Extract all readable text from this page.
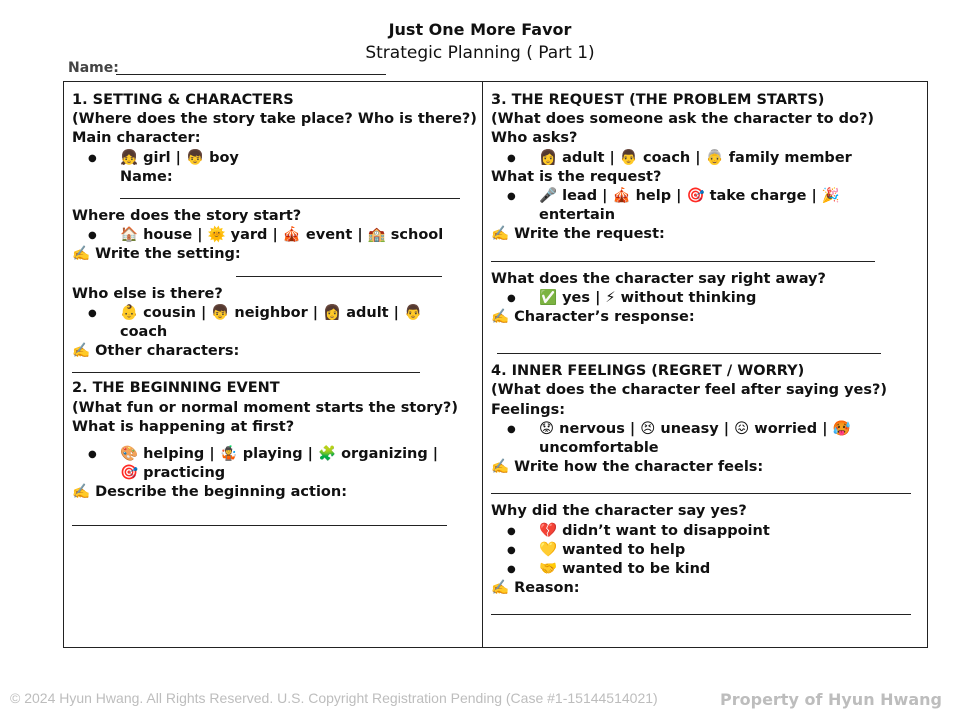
Just One More Favor
Strategic Planning ( Part 1)
Name:
1. SETTING & CHARACTERS
(Where does the story take place? Who is there?)
Main character:
● 👧 girl | 👦 boy
Name:
Where does the story start?
● 🏠 house | 🌞 yard | 🎪 event | 🏫 school
✍️ Write the setting:
Who else is there?
● 👶 cousin | 👦 neighbor | 👩 adult | 👨
coach
✍️ Other characters:
2. THE BEGINNING EVENT
(What fun or normal moment starts the story?)
What is happening at first?
● 🎨 helping | 🤹 playing | 🧩 organizing |
🎯 practicing
✍️ Describe the beginning action:
3. THE REQUEST (THE PROBLEM STARTS)
(What does someone ask the character to do?)
Who asks?
● 👩 adult | 👨 coach | 👵 family member
What is the request?
● 🎤 lead | 🎪 help | 🎯 take charge | 🎉
entertain
✍️ Write the request:
What does the character say right away?
● ✅ yes | ⚡ without thinking
✍️ Character’s response:
4. INNER FEELINGS (REGRET / WORRY)
(What does the character feel after saying yes?)
Feelings:
● 😟 nervous | 😣 uneasy | 😖 worried | 🥵
uncomfortable
✍️ Write how the character feels:
Why did the character say yes?
● 💔 didn’t want to disappoint
● 💛 wanted to help
● 🤝 wanted to be kind
✍️ Reason:
© 2024 Hyun Hwang. All Rights Reserved. U.S. Copyright Registration Pending (Case #1-15144514021)	Property of Hyun Hwang
